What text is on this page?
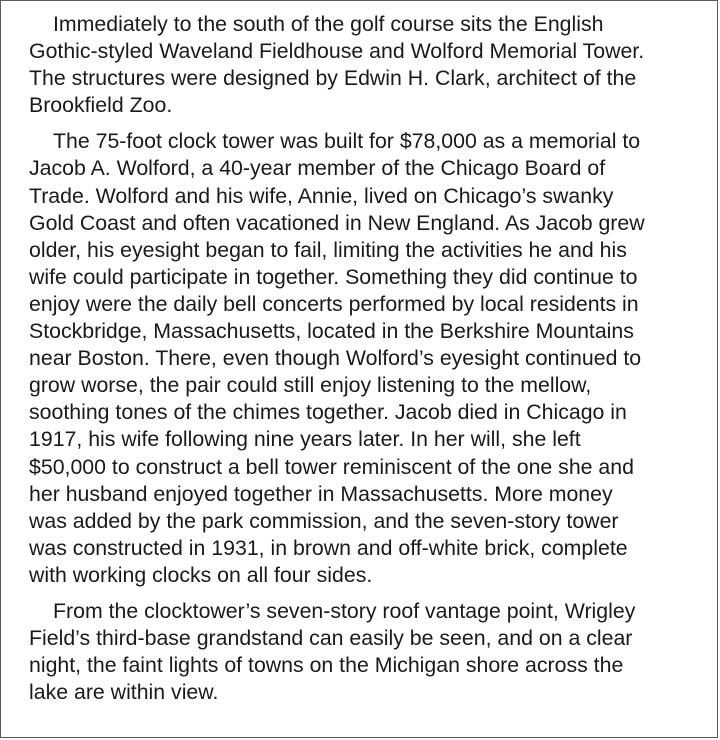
Immediately to the south of the golf course sits the English
Gothic-styled Waveland Fieldhouse and Wolford Memorial Tower.
The structures were designed by Edwin H. Clark, architect of the
Brookfield Zoo.

The 75-foot clock tower was built for $78,000 as a memorial to
Jacob A. Wolford, a 40-year member of the Chicago Board of
Trade. Wolford and his wife, Annie, lived on Chicago’s swanky
Gold Coast and often vacationed in New England. As Jacob grew
older, his eyesight began to fail, limiting the activities he and his
wife could participate in together. Something they did continue to
enjoy were the daily bell concerts performed by local residents in
Stockbridge, Massachusetts, located in the Berkshire Mountains
near Boston. There, even though Wolford’s eyesight continued to
grow worse, the pair could still enjoy listening to the mellow,
soothing tones of the chimes together. Jacob died in Chicago in
1917, his wife following nine years later. In her will, she left
$50,000 to construct a bell tower reminiscent of the one she and
her husband enjoyed together in Massachusetts. More money
was added by the park commission, and the seven-story tower
was constructed in 1931, in brown and off-white brick, complete
with working clocks on all four sides.

From the clocktower’s seven-story roof vantage point, Wrigley
Field’s third-base grandstand can easily be seen, and on a clear
night, the faint lights of towns on the Michigan shore across the
lake are within view.
